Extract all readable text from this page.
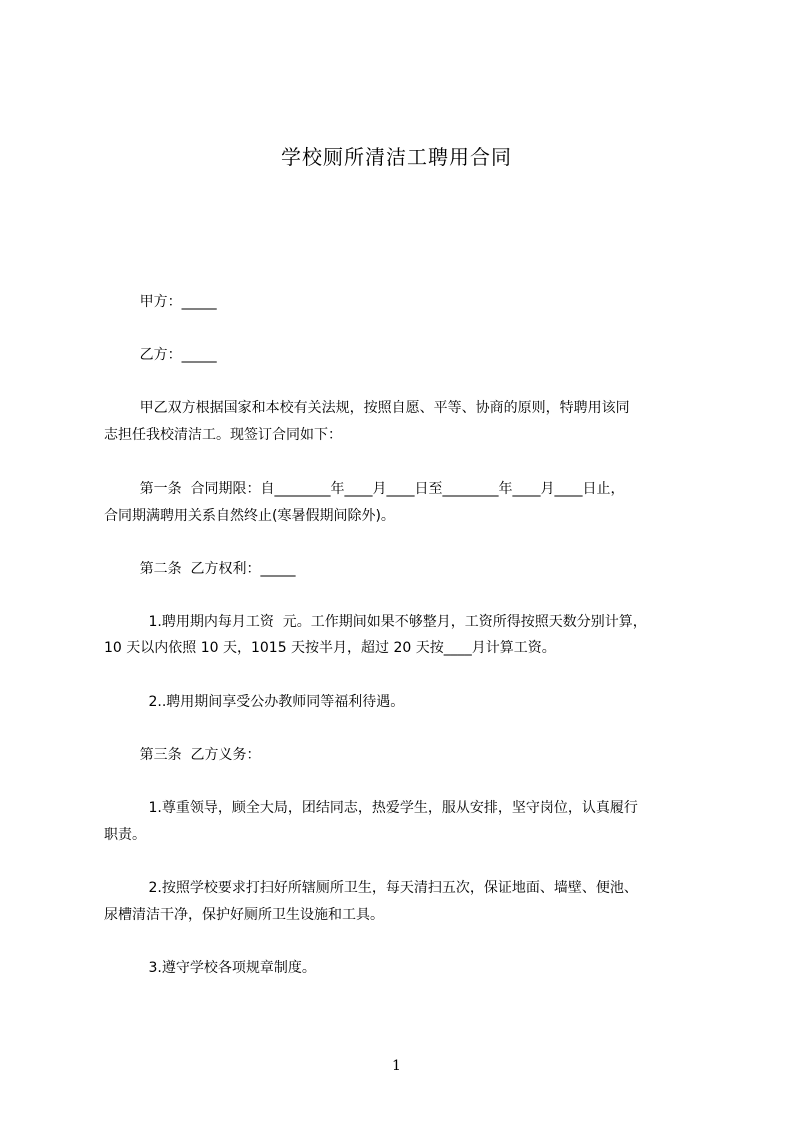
学校厕所清洁工聘用合同
甲方：_____
乙方：_____
甲乙双方根据国家和本校有关法规，按照自愿、平等、协商的原则，特聘用该同
志担任我校清洁工。现签订合同如下：
第一条  合同期限：自________年____月____日至________年____月____日止，
合同期满聘用关系自然终止(寒暑假期间除外)。
第二条  乙方权利：_____
1.聘用期内每月工资  元。工作期间如果不够整月，工资所得按照天数分别计算，
10 天以内依照 10 天，1015 天按半月，超过 20 天按____月计算工资。
2..聘用期间享受公办教师同等福利待遇。
第三条  乙方义务：
1.尊重领导，顾全大局，团结同志，热爱学生，服从安排，坚守岗位，认真履行
职责。
2.按照学校要求打扫好所辖厕所卫生，每天清扫五次，保证地面、墙壁、便池、
尿槽清洁干净，保护好厕所卫生设施和工具。
3.遵守学校各项规章制度。
1
